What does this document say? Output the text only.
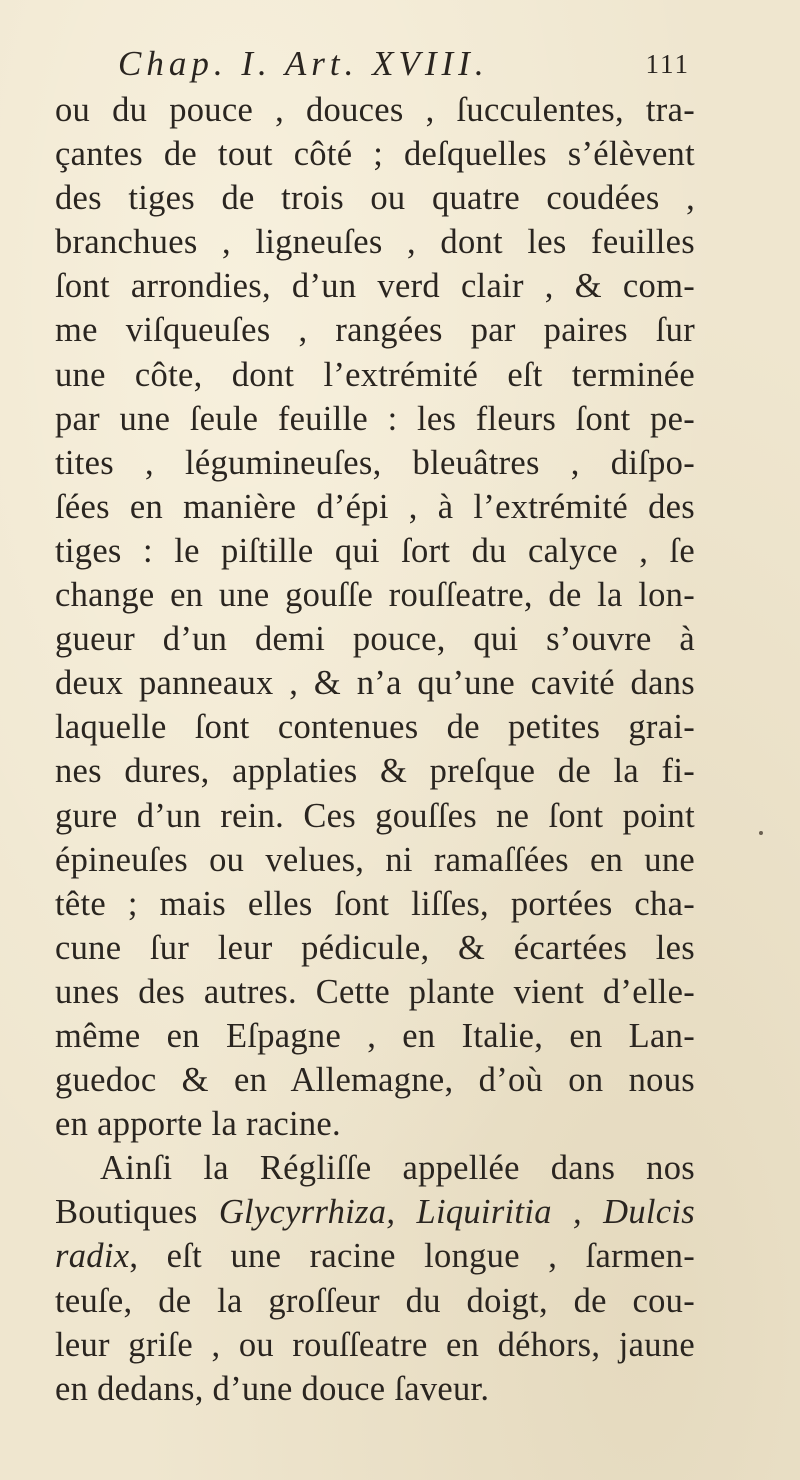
Chap. I. Art. XVIII.	111
ou du pouce , douces , ſucculentes, tra-
çantes de tout côté ; deſquelles s’élèvent
des tiges de trois ou quatre coudées ,
branchues , ligneuſes , dont les feuilles
ſont arrondies, d’un verd clair , & com-
me viſqueuſes , rangées par paires ſur
une côte, dont l’extrémité eſt terminée
par une ſeule feuille : les fleurs ſont pe-
tites , légumineuſes, bleuâtres , diſpo-
ſées en manière d’épi , à l’extrémité des
tiges : le piſtille qui ſort du calyce , ſe
change en une gouſſe rouſſeatre, de la lon-
gueur d’un demi pouce, qui s’ouvre à
deux panneaux , & n’a qu’une cavité dans
laquelle ſont contenues de petites grai-
nes dures, applaties & preſque de la fi-
gure d’un rein. Ces gouſſes ne ſont point
épineuſes ou velues, ni ramaſſées en une
tête ; mais elles ſont liſſes, portées cha-
cune ſur leur pédicule, & écartées les
unes des autres. Cette plante vient d’elle-
même en Eſpagne , en Italie, en Lan-
guedoc & en Allemagne, d’où on nous
en apporte la racine.
Ainſi la Régliſſe appellée dans nos
Boutiques Glycyrrhiza, Liquiritia , Dulcis
radix, eſt une racine longue , ſarmen-
teuſe, de la groſſeur du doigt, de cou-
leur griſe , ou rouſſeatre en déhors, jaune
en dedans, d’une douce ſaveur.
